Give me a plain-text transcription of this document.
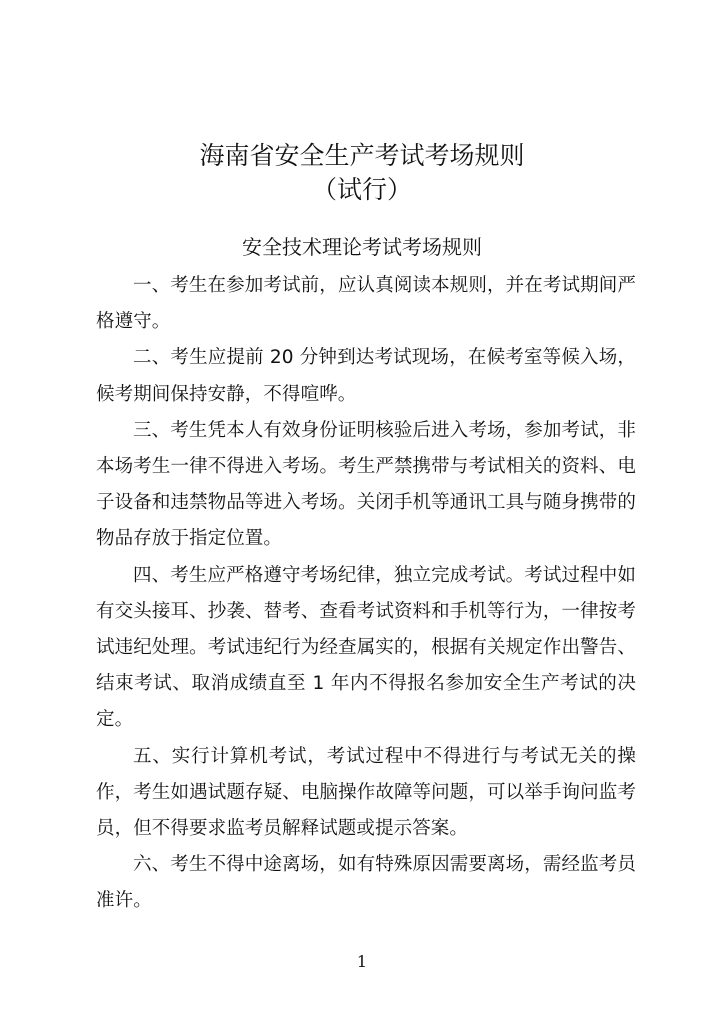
海南省安全生产考试考场规则
（试行）
安全技术理论考试考场规则

一、考生在参加考试前，应认真阅读本规则，并在考试期间严格遵守。

二、考生应提前 20 分钟到达考试现场，在候考室等候入场，候考期间保持安静，不得喧哗。

三、考生凭本人有效身份证明核验后进入考场，参加考试，非本场考生一律不得进入考场。考生严禁携带与考试相关的资料、电子设备和违禁物品等进入考场。关闭手机等通讯工具与随身携带的物品存放于指定位置。

四、考生应严格遵守考场纪律，独立完成考试。考试过程中如有交头接耳、抄袭、替考、查看考试资料和手机等行为，一律按考试违纪处理。考试违纪行为经查属实的，根据有关规定作出警告、结束考试、取消成绩直至 1 年内不得报名参加安全生产考试的决定。

五、实行计算机考试，考试过程中不得进行与考试无关的操作，考生如遇试题存疑、电脑操作故障等问题，可以举手询问监考员，但不得要求监考员解释试题或提示答案。

六、考生不得中途离场，如有特殊原因需要离场，需经监考员准许。

1
